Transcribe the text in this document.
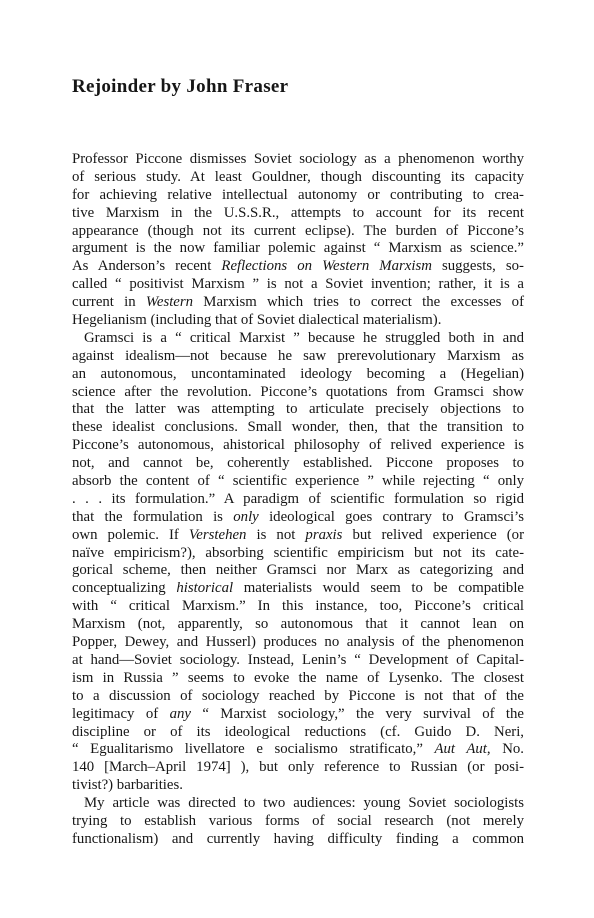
Rejoinder by John Fraser
Professor Piccone dismisses Soviet sociology as a phenomenon worthy
of serious study. At least Gouldner, though discounting its capacity
for achieving relative intellectual autonomy or contributing to crea-
tive Marxism in the U.S.S.R., attempts to account for its recent
appearance (though not its current eclipse). The burden of Piccone’s
argument is the now familiar polemic against “ Marxism as science.”
As Anderson’s recent Reflections on Western Marxism suggests, so-
called “ positivist Marxism ” is not a Soviet invention; rather, it is a
current in Western Marxism which tries to correct the excesses of
Hegelianism (including that of Soviet dialectical materialism).
Gramsci is a “ critical Marxist ” because he struggled both in and
against idealism—not because he saw prerevolutionary Marxism as
an autonomous, uncontaminated ideology becoming a (Hegelian)
science after the revolution. Piccone’s quotations from Gramsci show
that the latter was attempting to articulate precisely objections to
these idealist conclusions. Small wonder, then, that the transition to
Piccone’s autonomous, ahistorical philosophy of relived experience is
not, and cannot be, coherently established. Piccone proposes to
absorb the content of “ scientific experience ” while rejecting “ only
. . . its formulation.” A paradigm of scientific formulation so rigid
that the formulation is only ideological goes contrary to Gramsci’s
own polemic. If Verstehen is not praxis but relived experience (or
naïve empiricism?), absorbing scientific empiricism but not its cate-
gorical scheme, then neither Gramsci nor Marx as categorizing and
conceptualizing historical materialists would seem to be compatible
with “ critical Marxism.” In this instance, too, Piccone’s critical
Marxism (not, apparently, so autonomous that it cannot lean on
Popper, Dewey, and Husserl) produces no analysis of the phenomenon
at hand—Soviet sociology. Instead, Lenin’s “ Development of Capital-
ism in Russia ” seems to evoke the name of Lysenko. The closest
to a discussion of sociology reached by Piccone is not that of the
legitimacy of any “ Marxist sociology,” the very survival of the
discipline or of its ideological reductions (cf. Guido D. Neri,
“ Egualitarismo livellatore e socialismo stratificato,” Aut Aut, No.
140 [March–April 1974] ), but only reference to Russian (or posi-
tivist?) barbarities.
My article was directed to two audiences: young Soviet sociologists
trying to establish various forms of social research (not merely
functionalism) and currently having difficulty finding a common
